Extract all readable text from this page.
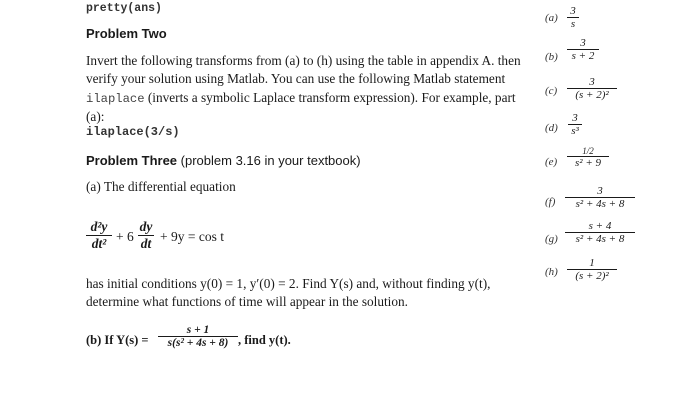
pretty(ans)
Problem Two
Invert the following transforms from (a) to (h) using the table in appendix A. then verify your solution using Matlab. You can use the following Matlab statement ilaplace (inverts a symbolic Laplace transform expression). For example, part (a):
ilaplace(3/s)
Problem Three (problem 3.16 in your textbook)
(a) The differential equation
d²y
dt² + 6
dy
dt + 9y = cos t
has initial conditions y(0) = 1, y′(0) = 2. Find Y(s) and, without finding y(t),
determine what functions of time will appear in the solution.
(b) If Y(s) =
s + 1
s(s² + 4s + 8) , find y(t).
(a)
3
s
(b)
3
s + 2
(c)
3
(s + 2)²
(d)
3
s³
(e)
1/2
s² + 9
(f)
3
s² + 4s + 8
(g)
s + 4
s² + 4s + 8
(h)
1
(s + 2)²
